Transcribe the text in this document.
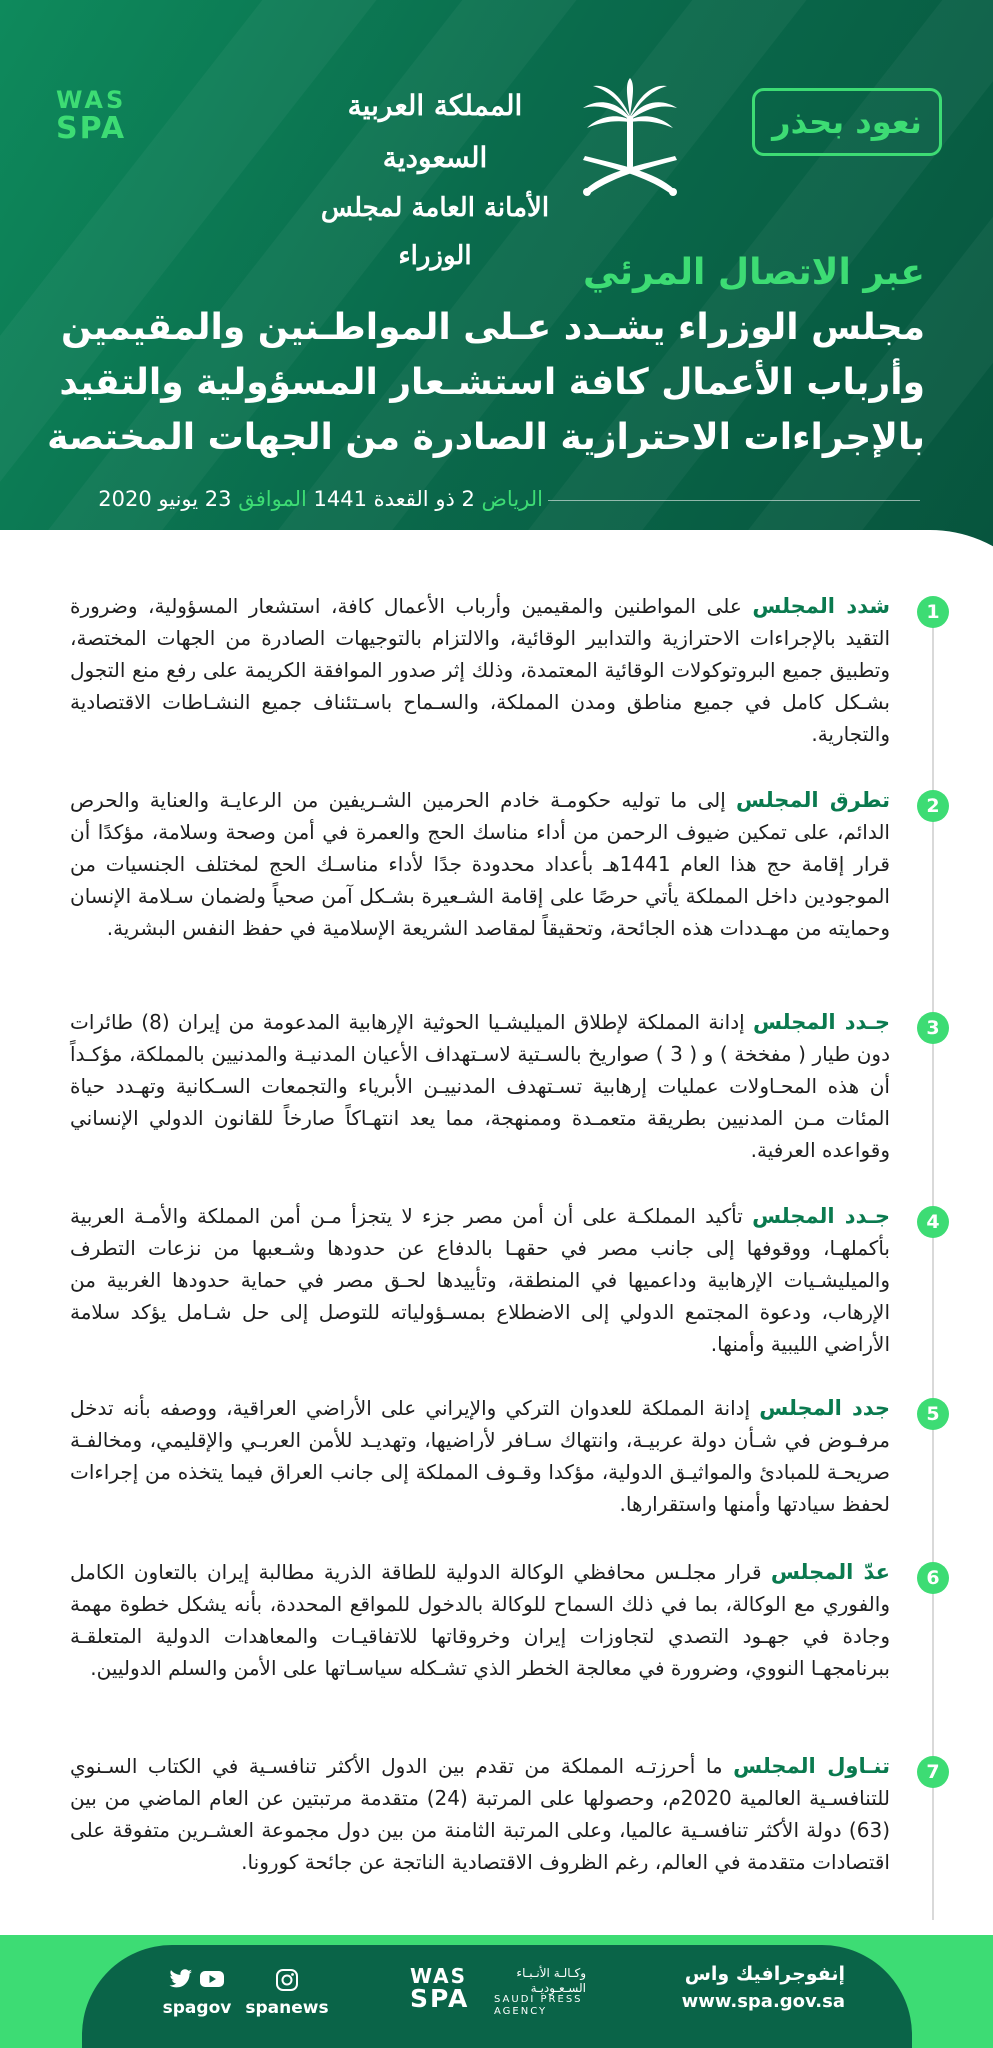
WAS
SPA
المملكة العربية السعودية
الأمانة العامة لمجلس الوزراء
نعود بحذر
عبر الاتصال المرئي
مجلس الوزراء يشـدد عـلى المواطـنين والمقيمين وأرباب الأعمال كافة استشـعار المسؤولية والتقيد بالإجراءات الاحترازية الصادرة من الجهات المختصة
الرياض 2 ذو القعدة 1441 الموافق 23 يونيو 2020
1

شدد المجلس على المواطنين والمقيمين وأرباب الأعمال كافة، استشعار المسؤولية، وضرورة التقيد بالإجراءات الاحترازية والتدابير الوقائية، والالتزام بالتوجيهات الصادرة من الجهات المختصة، وتطبيق جميع البروتوكولات الوقائية المعتمدة، وذلك إثر صدور الموافقة الكريمة على رفع منع التجول بشـكل كامل في جميع مناطق ومدن المملكة، والسـماح باسـتئناف جميع النشـاطات الاقتصادية والتجارية.

2

تطرق المجلس إلى ما توليه حكومـة خادم الحرمين الشـريفين من الرعايـة والعناية والحرص الدائم، على تمكين ضيوف الرحمن من أداء مناسك الحج والعمرة في أمن وصحة وسلامة، مؤكدًا أن قرار إقامة حج هذا العام 1441هـ بأعداد محدودة جدًا لأداء مناسـك الحج لمختلف الجنسيات من الموجودين داخل المملكة يأتي حرصًا على إقامة الشـعيرة بشـكل آمن صحياً ولضمان سـلامة الإنسان وحمايته من مهـددات هذه الجائحة، وتحقيقاً لمقاصد الشريعة الإسلامية في حفظ النفس البشرية.

3

جـدد المجلس إدانة المملكة لإطلاق الميليشـيا الحوثية الإرهابية المدعومة من إيران (8) طائرات دون طيار ( مفخخة ) و ( 3 ) صواريخ بالسـتية لاسـتهداف الأعيان المدنيـة والمدنيين بالمملكة، مؤكـداً أن هذه المحـاولات عمليات إرهابية تسـتهدف المدنييـن الأبرياء والتجمعات السـكانية وتهـدد حياة المئات مـن المدنيين بطريقة متعمـدة وممنهجة، مما يعد انتهـاكاً صارخاً للقانون الدولي الإنساني وقواعده العرفية.

4

جـدد المجلس تأكيد المملكـة على أن أمن مصر جزء لا يتجزأ مـن أمن المملكة والأمـة العربية بأكملهـا، ووقوفها إلى جانب مصر في حقهـا بالدفاع عن حدودها وشـعبها من نزعات التطرف والميليشـيات الإرهابية وداعميها في المنطقة، وتأييدها لحـق مصر في حماية حدودها الغربية من الإرهاب، ودعوة المجتمع الدولي إلى الاضطلاع بمسـؤولياته للتوصل إلى حل شـامل يؤكد سلامة الأراضي الليبية وأمنها.

5

جدد المجلس إدانة المملكة للعدوان التركي والإيراني على الأراضي العراقية، ووصفه بأنه تدخل مرفـوض في شـأن دولة عربيـة، وانتهاك سـافر لأراضيها، وتهديـد للأمن العربـي والإقليمي، ومخالفـة صريحـة للمبادئ والمواثيـق الدولية، مؤكدا وقـوف المملكة إلى جانب العراق فيما يتخذه من إجراءات لحفظ سيادتها وأمنها واستقرارها.

6

عدّ المجلس قرار مجلـس محافظي الوكالة الدولية للطاقة الذرية مطالبة إيران بالتعاون الكامل والفوري مع الوكالة، بما في ذلك السماح للوكالة بالدخول للمواقع المحددة، بأنه يشكل خطوة مهمة وجادة في جهـود التصدي لتجاوزات إيران وخروقاتها للاتفاقيـات والمعاهدات الدولية المتعلقـة ببرنامجهـا النووي، وضرورة في معالجة الخطر الذي تشـكله سياسـاتها على الأمن والسلم الدوليين.

7

تنـاول المجلس ما أحرزتـه المملكة من تقدم بين الدول الأكثر تنافسـية في الكتاب السـنوي للتنافسـية العالمية 2020م، وحصولها على المرتبة (24) متقدمة مرتبتين عن العام الماضي من بين (63) دولة الأكثر تنافسـية عالميا، وعلى المرتبة الثامنة من بين دول مجموعة العشـرين متفوقة على اقتصادات متقدمة في العالم، رغم الظروف الاقتصادية الناتجة عن جائحة كورونا.

إنفوجرافيك واس
www.spa.gov.sa
WAS
SPA
وكـالـة الأنـبـاء السـعـوديـة
SAUDI PRESS
AGENCY
spanews

spagov
